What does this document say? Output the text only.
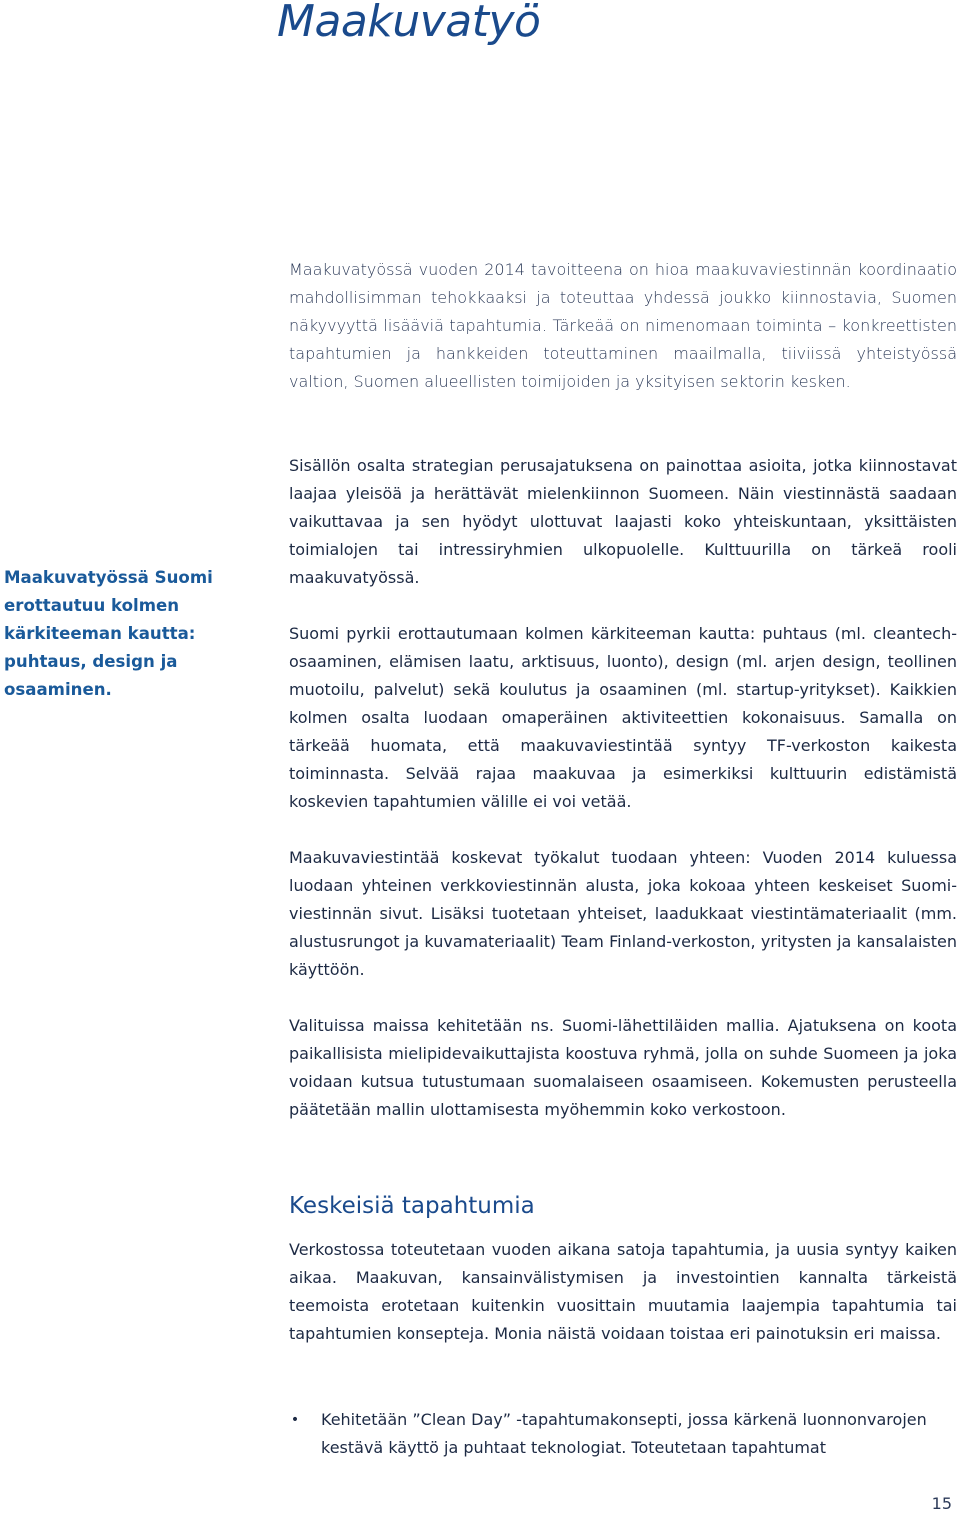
Maakuvatyö

Maakuvatyössä vuoden 2014 tavoitteena on hioa maakuvaviestinnän koordinaatio mahdollisimman tehokkaaksi ja toteuttaa yhdessä joukko kiinnostavia, Suomen näkyvyyttä lisääviä tapahtumia. Tärkeää on nimenomaan toiminta – konkreettisten tapahtumien ja hankkeiden toteuttaminen maailmalla, tiiviissä yhteistyössä valtion, Suomen alueellisten toimijoiden ja yksityisen sektorin kesken.

Maakuvatyössä Suomi erottautuu kolmen kärkiteeman kautta: puhtaus, design ja osaaminen.

Sisällön osalta strategian perusajatuksena on painottaa asioita, jotka kiinnostavat laajaa yleisöä ja herättävät mielenkiinnon Suomeen. Näin viestinnästä saadaan vaikuttavaa ja sen hyödyt ulottuvat laajasti koko yhteiskuntaan, yksittäisten toimialojen tai intressiryhmien ulkopuolelle. Kulttuurilla on tärkeä rooli maakuvatyössä.

Suomi pyrkii erottautumaan kolmen kärkiteeman kautta: puhtaus (ml. cleantech-osaaminen, elämisen laatu, arktisuus, luonto), design (ml. arjen design, teollinen muotoilu, palvelut) sekä koulutus ja osaaminen (ml. startup-yritykset). Kaikkien kolmen osalta luodaan omaperäinen aktiviteettien kokonaisuus. Samalla on tärkeää huomata, että maakuvaviestintää syntyy TF-verkoston kaikesta toiminnasta. Selvää rajaa maakuvaa ja esimerkiksi kulttuurin edistämistä koskevien tapahtumien välille ei voi vetää.

Maakuvaviestintää koskevat työkalut tuodaan yhteen: Vuoden 2014 kuluessa luodaan yhteinen verkkoviestinnän alusta, joka kokoaa yhteen keskeiset Suomi-viestinnän sivut. Lisäksi tuotetaan yhteiset, laadukkaat viestintämateriaalit (mm. alustusrungot ja kuvamateriaalit) Team Finland-verkoston, yritysten ja kansalaisten käyttöön.

Valituissa maissa kehitetään ns. Suomi-lähettiläiden mallia. Ajatuksena on koota paikallisista mielipidevaikuttajista koostuva ryhmä, jolla on suhde Suomeen ja joka voidaan kutsua tutustumaan suomalaiseen osaamiseen. Kokemusten perusteella päätetään mallin ulottamisesta myöhemmin koko verkostoon.

Keskeisiä tapahtumia

Verkostossa toteutetaan vuoden aikana satoja tapahtumia, ja uusia syntyy kaiken aikaa. Maakuvan, kansainvälistymisen ja investointien kannalta tärkeistä teemoista erotetaan kuitenkin vuosittain muutamia laajempia tapahtumia tai tapahtumien konsepteja. Monia näistä voidaan toistaa eri painotuksin eri maissa.

• Kehitetään ”Clean Day” -tapahtumakonsepti, jossa kärkenä luonnonvarojen kestävä käyttö ja puhtaat teknologiat. Toteutetaan tapahtumat

15
